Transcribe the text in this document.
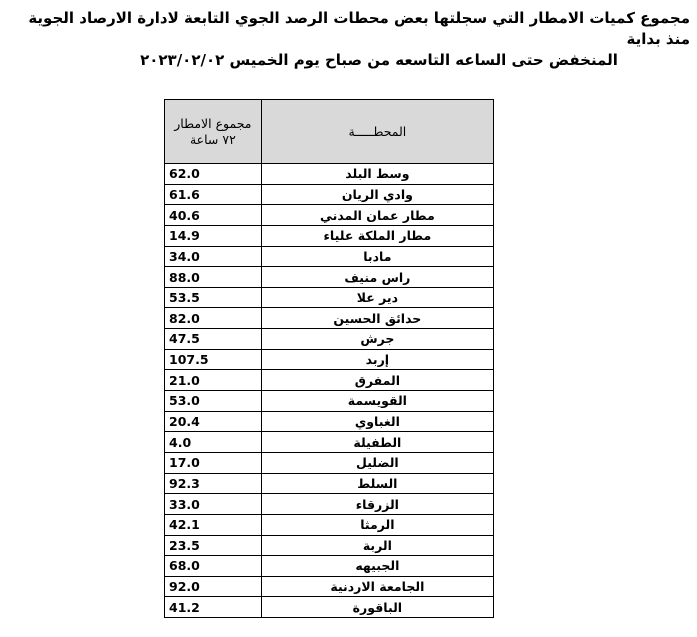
مجموع كميات الامطار التي سجلتها بعض محطات الرصد الجوي التابعة لادارة الارصاد الجوية منذ بداية
المنخفض حتى الساعه التاسعه من صباح يوم الخميس ٢٠٢٣/٠٢/٠٢
المحطـــــة	مجموع الامطار
٧٢ ساعة

وسط البلد	62.0
وادي الريان	61.6
مطار عمان المدني	40.6
مطار الملكة علياء	14.9
مادبا	34.0
راس منيف	88.0
دير علا	53.5
حدائق الحسين	82.0
جرش	47.5
إربد	107.5
المفرق	21.0
القويسمة	53.0
الغباوي	20.4
الطفيلة	4.0
الضليل	17.0
السلط	92.3
الزرقاء	33.0
الرمثا	42.1
الربة	23.5
الجبيهه	68.0
الجامعة الاردنية	92.0
الباقورة	41.2
